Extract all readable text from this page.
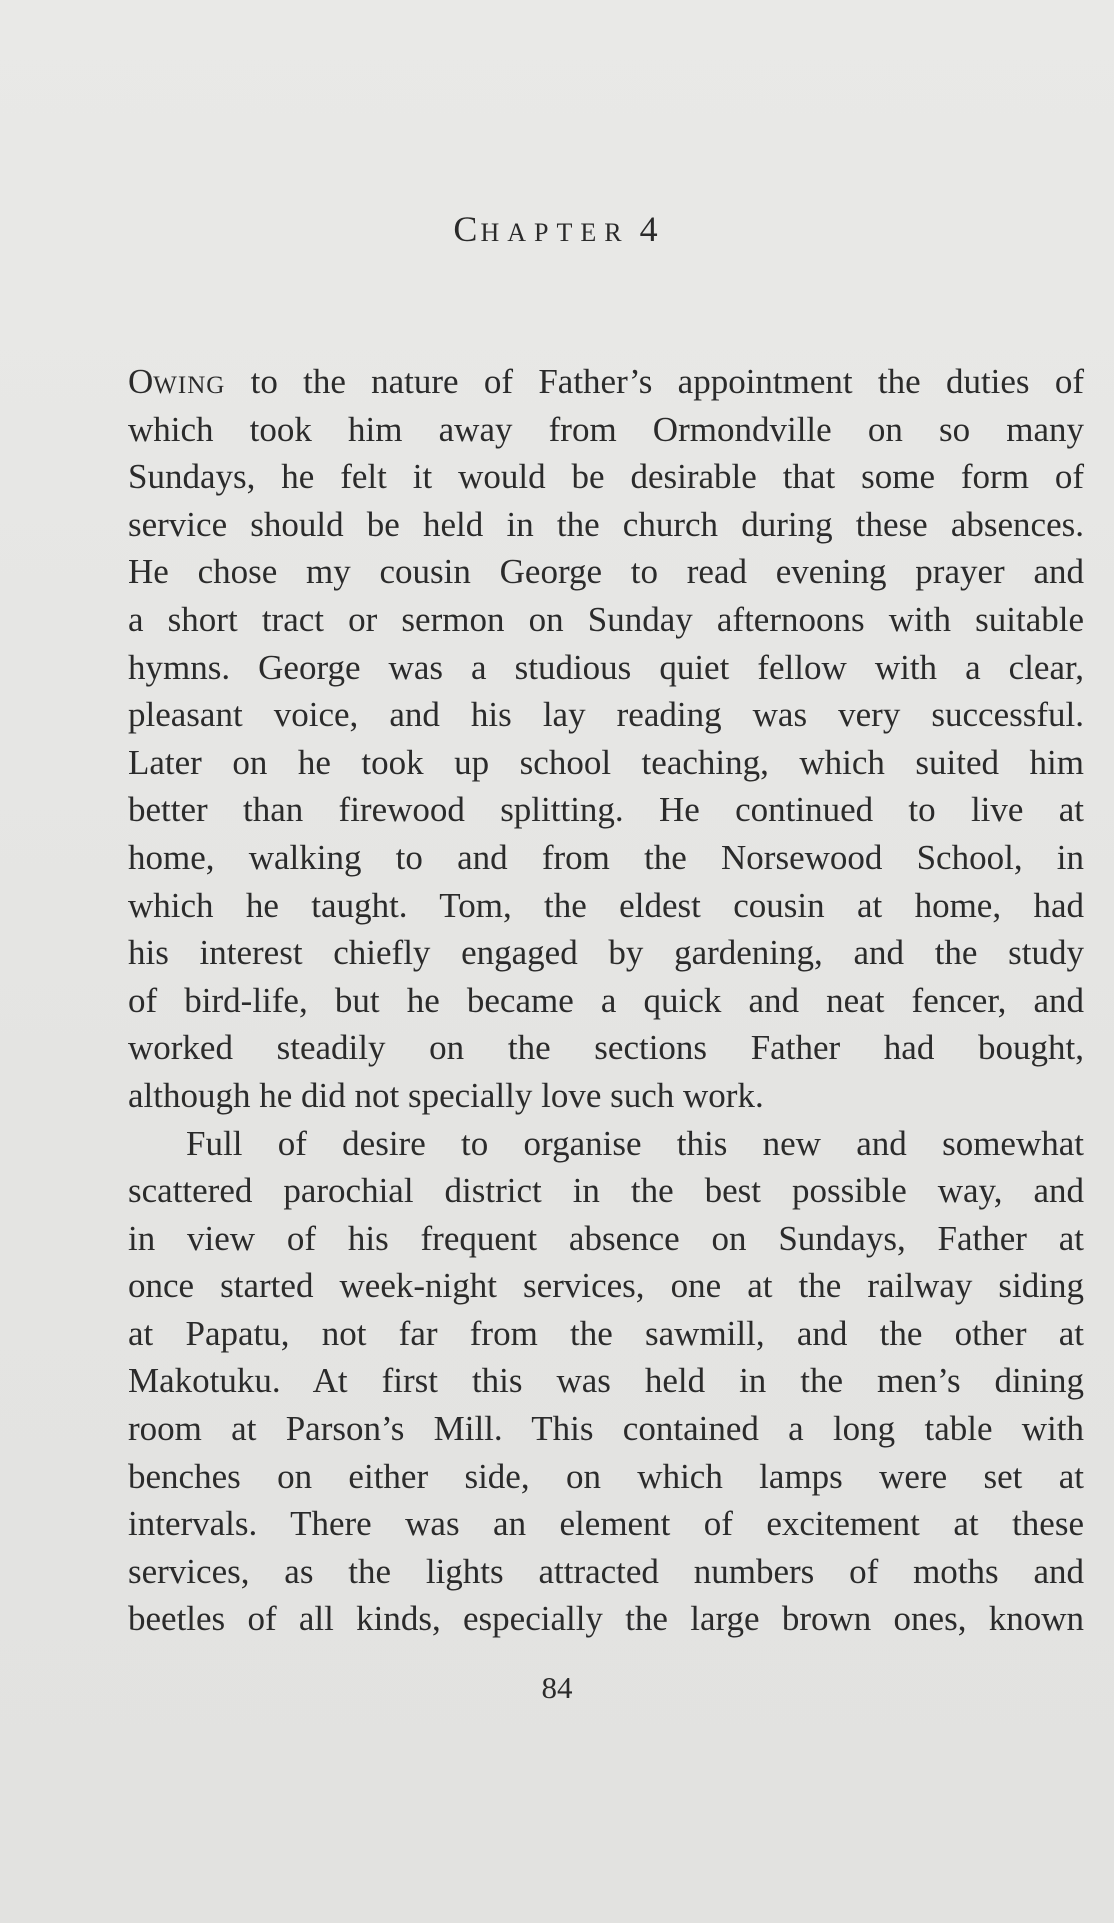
CHAPTER 4
OWING to the nature of Father’s appointment the duties of
which took him away from Ormondville on so many
Sundays, he felt it would be desirable that some form of
service should be held in the church during these absences.
He chose my cousin George to read evening prayer and
a short tract or sermon on Sunday afternoons with suitable
hymns. George was a studious quiet fellow with a clear,
pleasant voice, and his lay reading was very successful.
Later on he took up school teaching, which suited him
better than firewood splitting. He continued to live at
home, walking to and from the Norsewood School, in
which he taught. Tom, the eldest cousin at home, had
his interest chiefly engaged by gardening, and the study
of bird-life, but he became a quick and neat fencer, and
worked steadily on the sections Father had bought,
although he did not specially love such work.
Full of desire to organise this new and somewhat
scattered parochial district in the best possible way, and
in view of his frequent absence on Sundays, Father at
once started week-night services, one at the railway siding
at Papatu, not far from the sawmill, and the other at
Makotuku. At first this was held in the men’s dining
room at Parson’s Mill. This contained a long table with
benches on either side, on which lamps were set at
intervals. There was an element of excitement at these
services, as the lights attracted numbers of moths and
beetles of all kinds, especially the large brown ones, known
84
